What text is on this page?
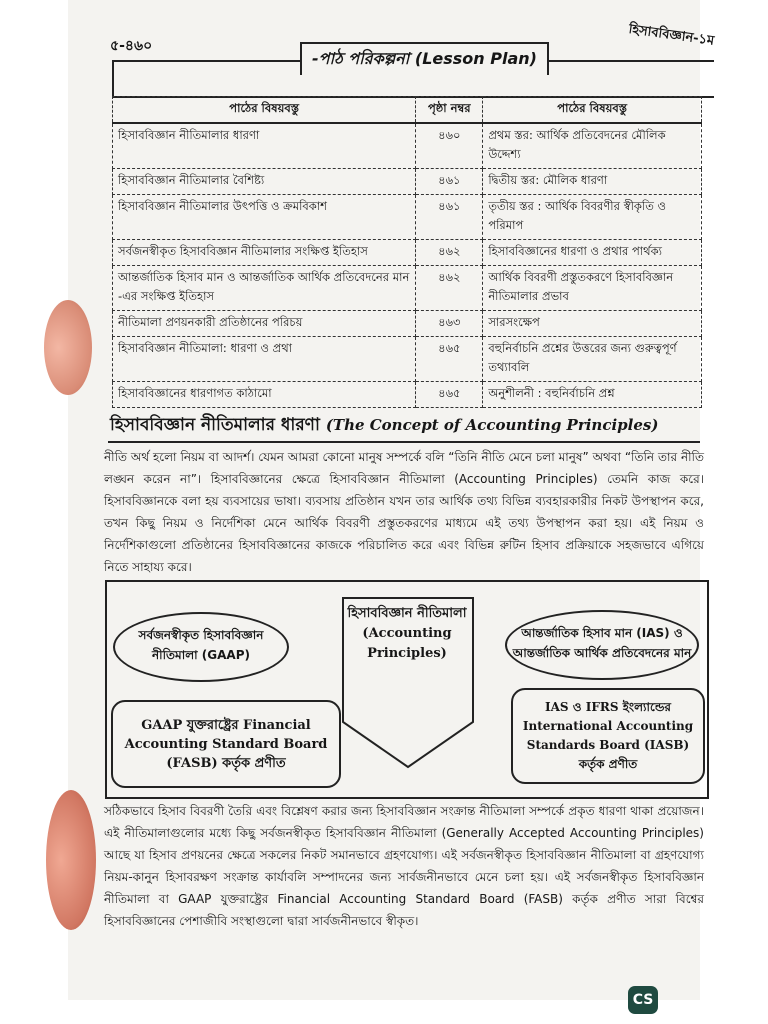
৫-৪৬০	হিসাববিজ্ঞান-১ম
-পাঠ পরিকল্পনা (Lesson Plan)
পাঠের বিষয়বস্তু	পৃষ্ঠা নম্বর	পাঠের বিষয়বস্তু
হিসাববিজ্ঞান নীতিমালার ধারণা	৪৬০	প্রথম স্তর: আর্থিক প্রতিবেদনের মৌলিক উদ্দেশ্য
হিসাববিজ্ঞান নীতিমালার বৈশিষ্ট্য	৪৬১	দ্বিতীয় স্তর: মৌলিক ধারণা
হিসাববিজ্ঞান নীতিমালার উৎপত্তি ও ক্রমবিকাশ	৪৬১	তৃতীয় স্তর : আর্থিক বিবরণীর স্বীকৃতি ও পরিমাপ
সর্বজনস্বীকৃত হিসাববিজ্ঞান নীতিমালার সংক্ষিপ্ত ইতিহাস	৪৬২	হিসাববিজ্ঞানের ধারণা ও প্রথার পার্থক্য
আন্তর্জাতিক হিসাব মান ও আন্তর্জাতিক আর্থিক প্রতিবেদনের মান -এর সংক্ষিপ্ত ইতিহাস	৪৬২	আর্থিক বিবরণী প্রস্তুতকরণে হিসাববিজ্ঞান নীতিমালার প্রভাব
নীতিমালা প্রণয়নকারী প্রতিষ্ঠানের পরিচয়	৪৬৩	সারসংক্ষেপ
হিসাববিজ্ঞান নীতিমালা: ধারণা ও প্রথা	৪৬৫	বহুনির্বাচনি প্রশ্নের উত্তরের জন্য গুরুত্বপূর্ণ তথ্যাবলি
হিসাববিজ্ঞানের ধারণাগত কাঠামো	৪৬৫	অনুশীলনী : বহুনির্বাচনি প্রশ্ন
হিসাববিজ্ঞান নীতিমালার ধারণা (The Concept of Accounting Principles)
নীতি অর্থ হলো নিয়ম বা আদর্শ। যেমন আমরা কোনো মানুষ সম্পর্কে বলি “তিনি নীতি মেনে চলা মানুষ” অথবা “তিনি তার নীতি লঙ্ঘন করেন না”। হিসাববিজ্ঞানের ক্ষেত্রে হিসাববিজ্ঞান নীতিমালা (Accounting Principles) তেমনি কাজ করে। হিসাববিজ্ঞানকে বলা হয় ব্যবসায়ের ভাষা। ব্যবসায় প্রতিষ্ঠান যখন তার আর্থিক তথ্য বিভিন্ন ব্যবহারকারীর নিকট উপস্থাপন করে, তখন কিছু নিয়ম ও নির্দেশিকা মেনে আর্থিক বিবরণী প্রস্তুতকরণের মাধ্যমে এই তথ্য উপস্থাপন করা হয়। এই নিয়ম ও নির্দেশিকাগুলো প্রতিষ্ঠানের হিসাববিজ্ঞানের কাজকে পরিচালিত করে এবং বিভিন্ন রুটিন হিসাব প্রক্রিয়াকে সহজভাবে এগিয়ে নিতে সাহায্য করে।
হিসাববিজ্ঞান নীতিমালা
(Accounting Principles)
সর্বজনস্বীকৃত হিসাববিজ্ঞান নীতিমালা (GAAP)
আন্তর্জাতিক হিসাব মান (IAS) ও আন্তর্জাতিক আর্থিক প্রতিবেদনের মান
GAAP যুক্তরাষ্ট্রের Financial Accounting Standard Board (FASB) কর্তৃক প্রণীত
IAS ও IFRS ইংল্যান্ডের International Accounting Standards Board (IASB) কর্তৃক প্রণীত
সঠিকভাবে হিসাব বিবরণী তৈরি এবং বিশ্লেষণ করার জন্য হিসাববিজ্ঞান সংক্রান্ত নীতিমালা সম্পর্কে প্রকৃত ধারণা থাকা প্রয়োজন। এই নীতিমালাগুলোর মধ্যে কিছু সর্বজনস্বীকৃত হিসাববিজ্ঞান নীতিমালা (Generally Accepted Accounting Principles) আছে যা হিসাব প্রণয়নের ক্ষেত্রে সকলের নিকট সমানভাবে গ্রহণযোগ্য। এই সর্বজনস্বীকৃত হিসাববিজ্ঞান নীতিমালা বা গ্রহণযোগ্য নিয়ম-কানুন হিসাবরক্ষণ সংক্রান্ত কার্যাবলি সম্পাদনের জন্য সার্বজনীনভাবে মেনে চলা হয়। এই সর্বজনস্বীকৃত হিসাববিজ্ঞান নীতিমালা বা GAAP যুক্তরাষ্ট্রের Financial Accounting Standard Board (FASB) কর্তৃক প্রণীত সারা বিশ্বের হিসাববিজ্ঞানের পেশাজীবি সংস্থাগুলো দ্বারা সার্বজনীনভাবে স্বীকৃত।
CS
